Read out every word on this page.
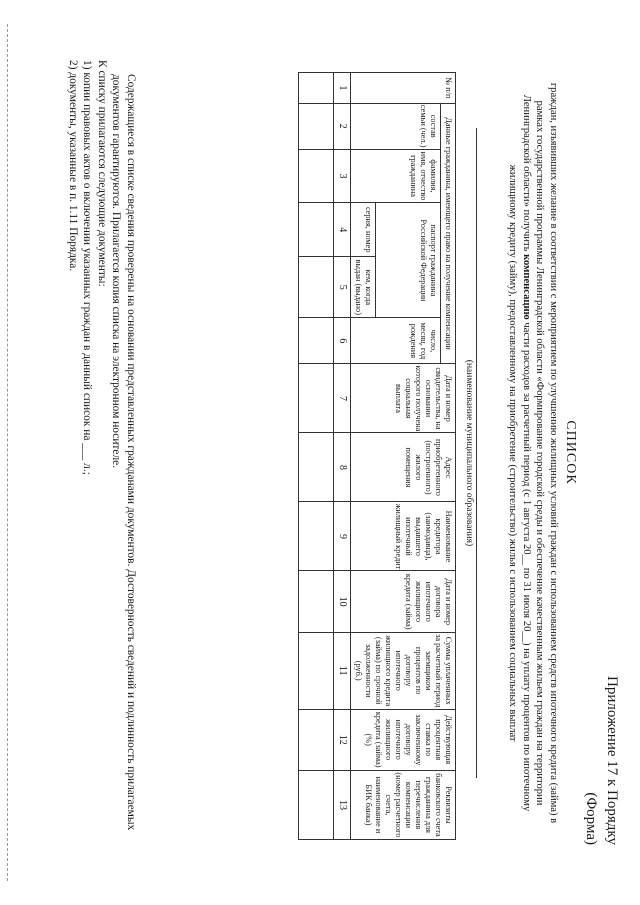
Приложение 17 к Порядку
(Форма)
СПИСОК
граждан, изъявивших желание в соответствии с мероприятием по улучшению жилищных условий граждан с использованием средств ипотечного кредита (займа) в рамках государственной программы Ленинградской области «Формирование городской среды и обеспечение качественным жильем граждан на территории Ленинградской области» получить компенсацию части расходов за расчетный период (с 1 августа 20__ по 31 июля 20__) на уплату процентов по ипотечному жилищному кредиту (займу), предоставленному на приобретение (строительство) жилья с использованием социальных выплат
(наименование муниципального образования)
№ п/п	Данные гражданина, имеющего право на получение компенсации					Дата и номер свидетельства, на основании которого получена социальная выплата	Адрес приобретенного (построенного) жилого помещения	Наименование кредитора (заимодавца), выдавшего ипотечный жилищный кредит	Дата и номер договора ипотечного жилищного кредита (займа)	Сумма уплаченных за расчетный период заемщиком процентов по договору ипотечного жилищного кредита (займа) по срочной задолженности (руб.)	Действующая процентная ставка по заключенному договору ипотечного жилищного кредита (займа) (%)	Реквизиты банковского счета гражданина для перечисления компенсации (номер расчетного счета, наименование и БИК банка)
	состав семьи (чел.)	фамилия, имя, отчество гражданина	паспорт гражданина Российской Федерации		число, месяц, год рождения							
			серия, номер	кем, когда выдан (выдано)								
1	2	3	4	5	6	7	8	9	10	11	12	13

Содержащиеся в списке сведения проверены на основании представленных гражданами документов. Достоверность сведений и подлинность прилагаемых документов гарантируются. Прилагается копия списка на электронном носителе.

К списку прилагаются следующие документы:

1) копии правовых актов о включении указанных граждан в данный список на ___ л.;

2) документы, указанные в п. 1.11 Порядка.
